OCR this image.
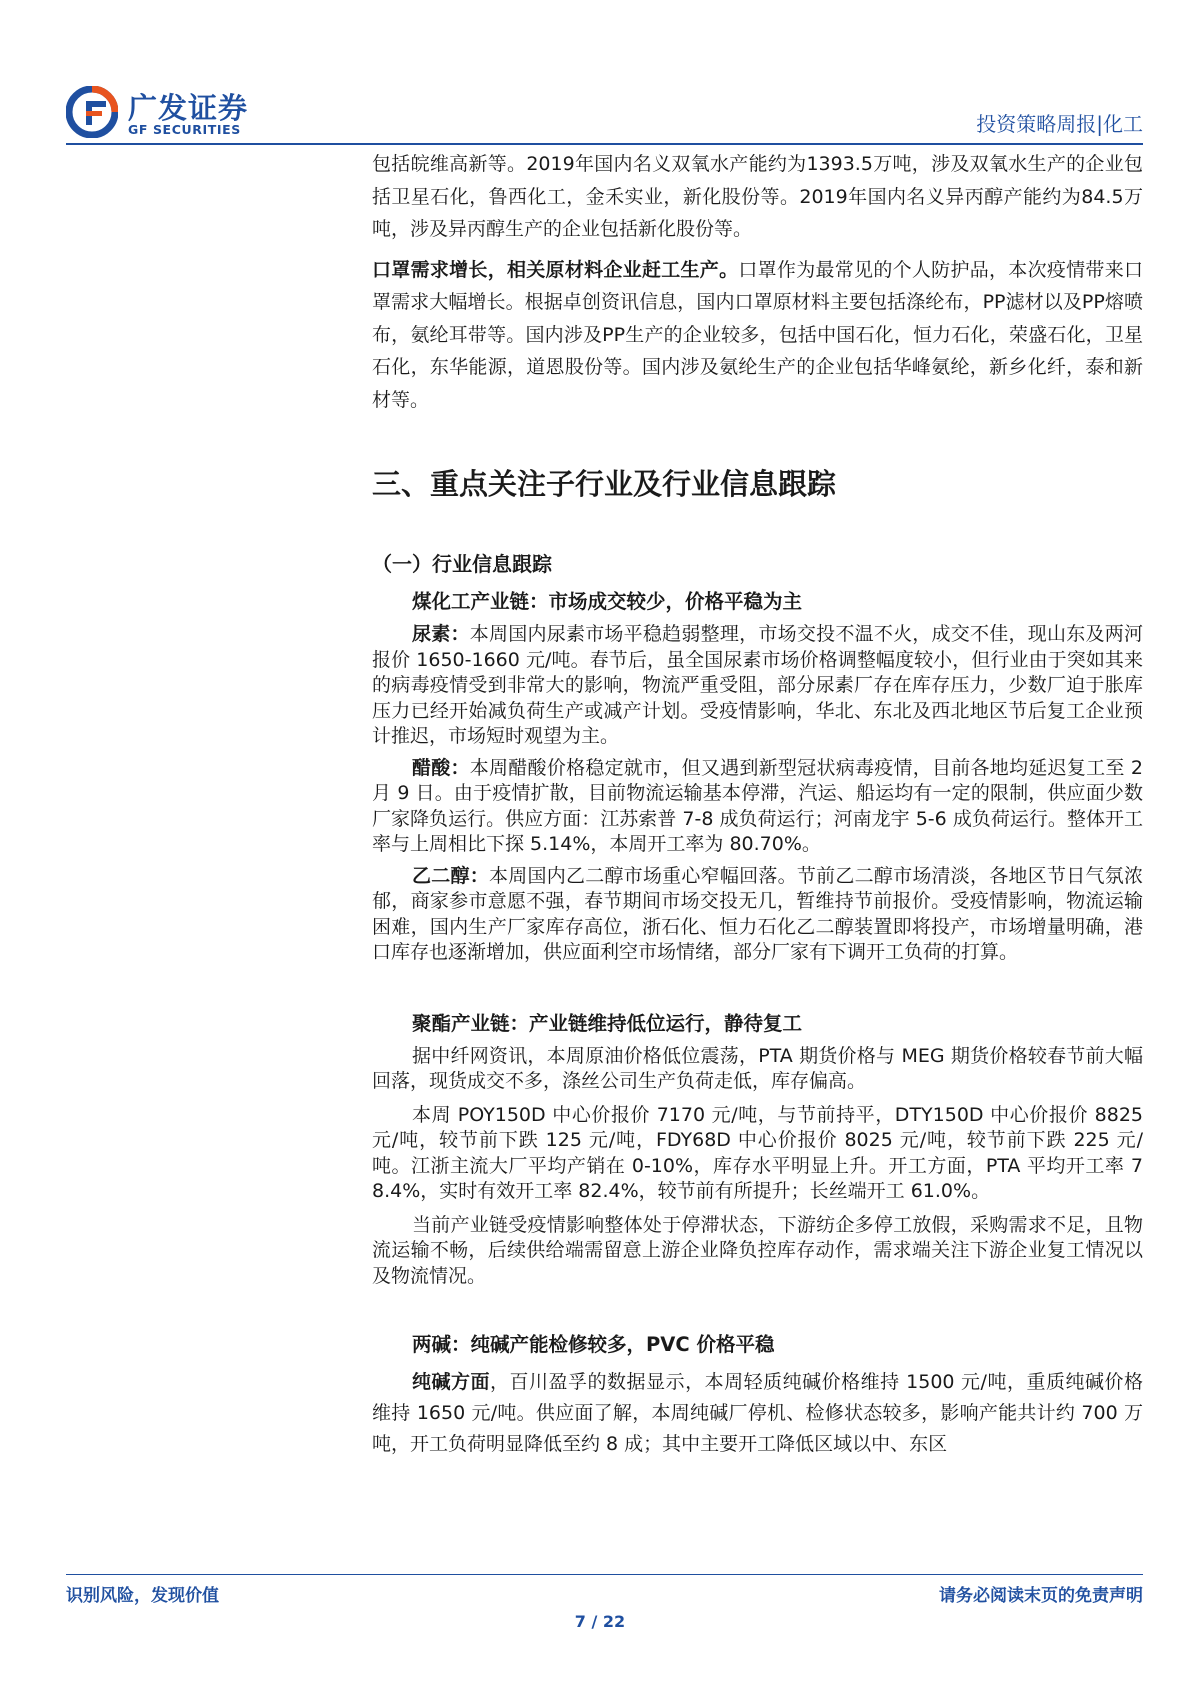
广发证券
GF SECURITIES	投资策略周报|化工

包括皖维高新等。2019年国内名义双氧水产能约为1393.5万吨，涉及双氧水生产的企业包括卫星石化，鲁西化工，金禾实业，新化股份等。2019年国内名义异丙醇产能约为84.5万吨，涉及异丙醇生产的企业包括新化股份等。

口罩需求增长，相关原材料企业赶工生产。口罩作为最常见的个人防护品，本次疫情带来口罩需求大幅增长。根据卓创资讯信息，国内口罩原材料主要包括涤纶布，PP滤材以及PP熔喷布，氨纶耳带等。国内涉及PP生产的企业较多，包括中国石化，恒力石化，荣盛石化，卫星石化，东华能源，道恩股份等。国内涉及氨纶生产的企业包括华峰氨纶，新乡化纤，泰和新材等。

三、重点关注子行业及行业信息跟踪
（一）行业信息跟踪
煤化工产业链：市场成交较少，价格平稳为主

尿素：本周国内尿素市场平稳趋弱整理，市场交投不温不火，成交不佳，现山东及两河报价 1650-1660 元/吨。春节后，虽全国尿素市场价格调整幅度较小，但行业由于突如其来的病毒疫情受到非常大的影响，物流严重受阻，部分尿素厂存在库存压力，少数厂迫于胀库压力已经开始减负荷生产或减产计划。受疫情影响，华北、东北及西北地区节后复工企业预计推迟，市场短时观望为主。

醋酸：本周醋酸价格稳定就市，但又遇到新型冠状病毒疫情，目前各地均延迟复工至 2 月 9 日。由于疫情扩散，目前物流运输基本停滞，汽运、船运均有一定的限制，供应面少数厂家降负运行。供应方面：江苏索普 7-8 成负荷运行；河南龙宇 5-6 成负荷运行。整体开工率与上周相比下探 5.14%，本周开工率为 80.70%。

乙二醇：本周国内乙二醇市场重心窄幅回落。节前乙二醇市场清淡，各地区节日气氛浓郁，商家参市意愿不强，春节期间市场交投无几，暂维持节前报价。受疫情影响，物流运输困难，国内生产厂家库存高位，浙石化、恒力石化乙二醇装置即将投产，市场增量明确，港口库存也逐渐增加，供应面利空市场情绪，部分厂家有下调开工负荷的打算。

聚酯产业链：产业链维持低位运行，静待复工

据中纤网资讯，本周原油价格低位震荡，PTA 期货价格与 MEG 期货价格较春节前大幅回落，现货成交不多，涤丝公司生产负荷走低，库存偏高。

本周 POY150D 中心价报价 7170 元/吨，与节前持平，DTY150D 中心价报价 8825 元/吨，较节前下跌 125 元/吨，FDY68D 中心价报价 8025 元/吨，较节前下跌 225 元/吨。江浙主流大厂平均产销在 0-10%，库存水平明显上升。开工方面，PTA 平均开工率 78.4%，实时有效开工率 82.4%，较节前有所提升；长丝端开工 61.0%。

当前产业链受疫情影响整体处于停滞状态，下游纺企多停工放假，采购需求不足，且物流运输不畅，后续供给端需留意上游企业降负控库存动作，需求端关注下游企业复工情况以及物流情况。

两碱：纯碱产能检修较多，PVC 价格平稳

纯碱方面，百川盈孚的数据显示，本周轻质纯碱价格维持 1500 元/吨，重质纯碱价格维持 1650 元/吨。供应面了解，本周纯碱厂停机、检修状态较多，影响产能共计约 700 万吨，开工负荷明显降低至约 8 成；其中主要开工降低区域以中、东区

识别风险，发现价值	请务必阅读末页的免责声明
7 / 22
